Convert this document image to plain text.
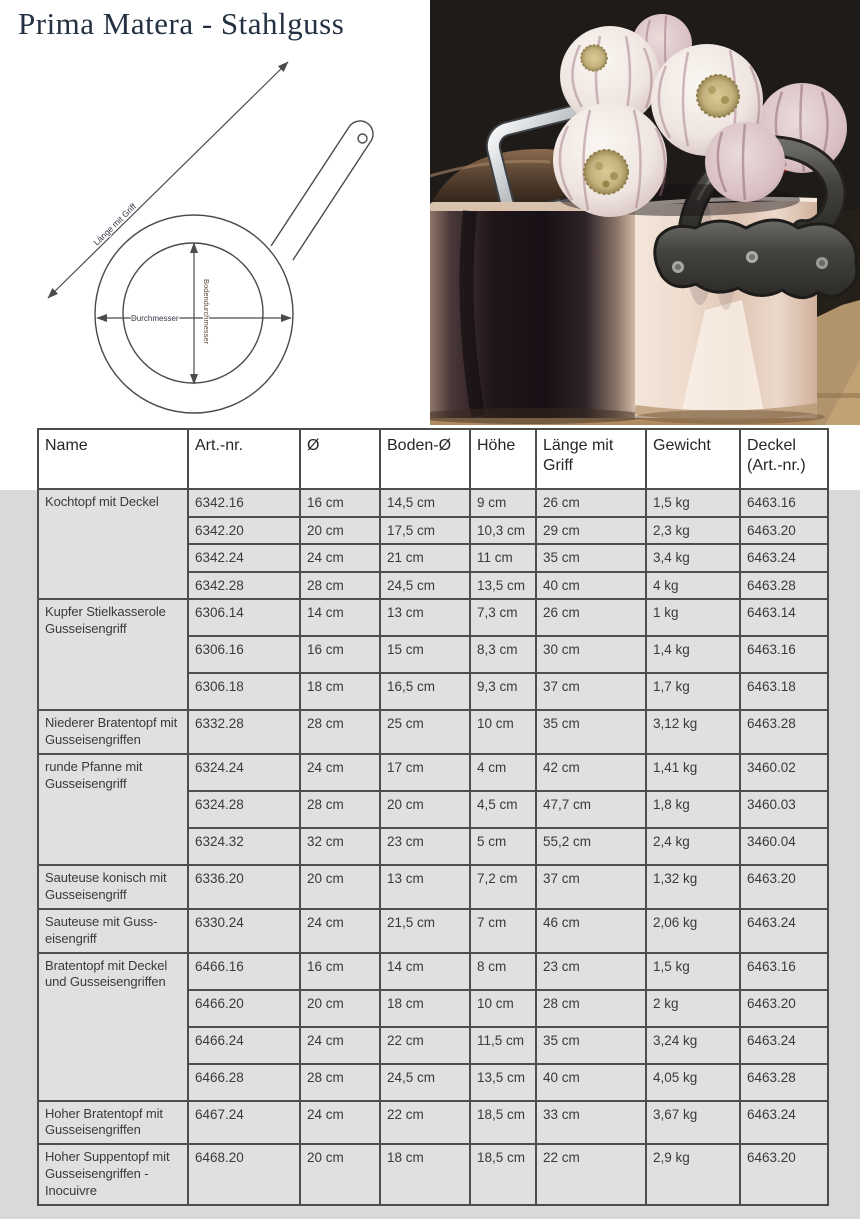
Prima Matera - Stahlguss
Länge mit Griff
Durchmesser	Bodendurchmesser
Name	Art.-nr.	Ø	Boden-Ø	Höhe	Länge mit Griff	Gewicht	Deckel (Art.-nr.)
Kochtopf mit Deckel	6342.16	16 cm	14,5 cm	9 cm	26 cm	1,5 kg	6463.16
	6342.20	20 cm	17,5 cm	10,3 cm	29 cm	2,3 kg	6463.20
	6342.24	24 cm	21 cm	11 cm	35 cm	3,4 kg	6463.24
	6342.28	28 cm	24,5 cm	13,5 cm	40 cm	4 kg	6463.28
Kupfer Stielkasserole Gusseisengriff	6306.14	14 cm	13 cm	7,3 cm	26 cm	1 kg	6463.14
	6306.16	16 cm	15 cm	8,3 cm	30 cm	1,4 kg	6463.16
	6306.18	18 cm	16,5 cm	9,3 cm	37 cm	1,7 kg	6463.18
Niederer Bratentopf mit Gusseisengriffen	6332.28	28 cm	25 cm	10 cm	35 cm	3,12 kg	6463.28
runde Pfanne mit Gusseisengriff	6324.24	24 cm	17 cm	4 cm	42 cm	1,41 kg	3460.02
	6324.28	28 cm	20 cm	4,5 cm	47,7 cm	1,8 kg	3460.03
	6324.32	32 cm	23 cm	5 cm	55,2 cm	2,4 kg	3460.04
Sauteuse konisch mit Gusseisengriff	6336.20	20 cm	13 cm	7,2 cm	37 cm	1,32 kg	6463.20
Sauteuse mit Guss-eisengriff	6330.24	24 cm	21,5 cm	7 cm	46 cm	2,06 kg	6463.24
Bratentopf mit Deckel und Gusseisengriffen	6466.16	16 cm	14 cm	8 cm	23 cm	1,5 kg	6463.16
	6466.20	20 cm	18 cm	10 cm	28 cm	2 kg	6463.20
	6466.24	24 cm	22 cm	11,5 cm	35 cm	3,24 kg	6463.24
	6466.28	28 cm	24,5 cm	13,5 cm	40 cm	4,05 kg	6463.28
Hoher Bratentopf mit Gusseisengriffen	6467.24	24 cm	22 cm	18,5 cm	33 cm	3,67 kg	6463.24
Hoher Suppentopf mit Gusseisengriffen - Inocuivre	6468.20	20 cm	18 cm	18,5 cm	22 cm	2,9 kg	6463.20
